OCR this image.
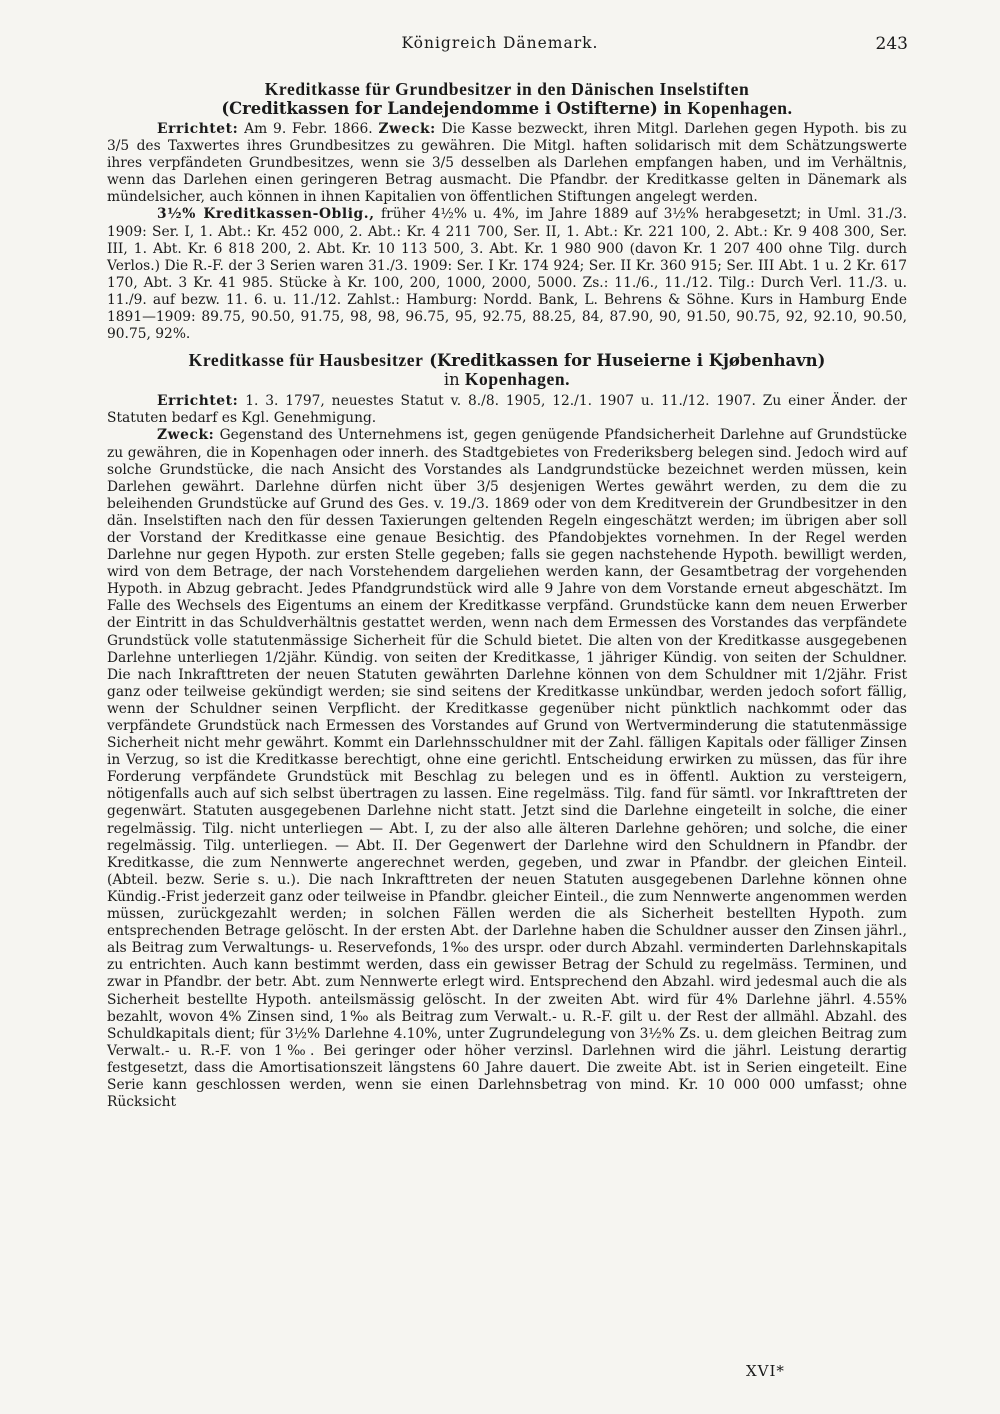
Königreich Dänemark.	243
Kreditkasse für Grundbesitzer in den Dänischen Inselstiften
(Creditkassen for Landejendomme i Ostifterne) in Kopenhagen.

Errichtet: Am 9. Febr. 1866. Zweck: Die Kasse bezweckt, ihren Mitgl. Darlehen gegen Hypoth. bis zu 3/5 des Taxwertes ihres Grundbesitzes zu gewähren. Die Mitgl. haften solidarisch mit dem Schätzungswerte ihres verpfändeten Grundbesitzes, wenn sie 3/5 desselben als Darlehen empfangen haben, und im Verhältnis, wenn das Darlehen einen geringeren Betrag ausmacht. Die Pfandbr. der Kreditkasse gelten in Dänemark als mündelsicher, auch können in ihnen Kapitalien von öffentlichen Stiftungen angelegt werden.

3½% Kreditkassen-Oblig., früher 4½% u. 4%, im Jahre 1889 auf 3½% herabgesetzt; in Uml. 31./3. 1909: Ser. I, 1. Abt.: Kr. 452 000, 2. Abt.: Kr. 4 211 700, Ser. II, 1. Abt.: Kr. 221 100, 2. Abt.: Kr. 9 408 300, Ser. III, 1. Abt. Kr. 6 818 200, 2. Abt. Kr. 10 113 500, 3. Abt. Kr. 1 980 900 (davon Kr. 1 207 400 ohne Tilg. durch Verlos.) Die R.-F. der 3 Serien waren 31./3. 1909: Ser. I Kr. 174 924; Ser. II Kr. 360 915; Ser. III Abt. 1 u. 2 Kr. 617 170, Abt. 3 Kr. 41 985. Stücke à Kr. 100, 200, 1000, 2000, 5000. Zs.: 11./6., 11./12. Tilg.: Durch Verl. 11./3. u. 11./9. auf bezw. 11. 6. u. 11./12. Zahlst.: Hamburg: Nordd. Bank, L. Behrens & Söhne. Kurs in Hamburg Ende 1891—1909: 89.75, 90.50, 91.75, 98, 98, 96.75, 95, 92.75, 88.25, 84, 87.90, 90, 91.50, 90.75, 92, 92.10, 90.50, 90.75, 92%.

Kreditkasse für Hausbesitzer (Kreditkassen for Huseierne i Kjøbenhavn)
in Kopenhagen.

Errichtet: 1. 3. 1797, neuestes Statut v. 8./8. 1905, 12./1. 1907 u. 11./12. 1907. Zu einer Änder. der Statuten bedarf es Kgl. Genehmigung.

Zweck: Gegenstand des Unternehmens ist, gegen genügende Pfandsicherheit Darlehne auf Grundstücke zu gewähren, die in Kopenhagen oder innerh. des Stadtgebietes von Frederiksberg belegen sind. Jedoch wird auf solche Grundstücke, die nach Ansicht des Vorstandes als Landgrundstücke bezeichnet werden müssen, kein Darlehen gewährt. Darlehne dürfen nicht über 3/5 desjenigen Wertes gewährt werden, zu dem die zu beleihenden Grundstücke auf Grund des Ges. v. 19./3. 1869 oder von dem Kreditverein der Grundbesitzer in den dän. Inselstiften nach den für dessen Taxierungen geltenden Regeln eingeschätzt werden; im übrigen aber soll der Vorstand der Kreditkasse eine genaue Besichtig. des Pfandobjektes vornehmen. In der Regel werden Darlehne nur gegen Hypoth. zur ersten Stelle gegeben; falls sie gegen nachstehende Hypoth. bewilligt werden, wird von dem Betrage, der nach Vorstehendem dargeliehen werden kann, der Gesamtbetrag der vorgehenden Hypoth. in Abzug gebracht. Jedes Pfandgrundstück wird alle 9 Jahre von dem Vorstande erneut abgeschätzt. Im Falle des Wechsels des Eigentums an einem der Kreditkasse verpfänd. Grundstücke kann dem neuen Erwerber der Eintritt in das Schuldverhältnis gestattet werden, wenn nach dem Ermessen des Vorstandes das verpfändete Grundstück volle statutenmässige Sicherheit für die Schuld bietet. Die alten von der Kreditkasse ausgegebenen Darlehne unterliegen 1/2jähr. Kündig. von seiten der Kreditkasse, 1 jähriger Kündig. von seiten der Schuldner. Die nach Inkrafttreten der neuen Statuten gewährten Darlehne können von dem Schuldner mit 1/2jähr. Frist ganz oder teilweise gekündigt werden; sie sind seitens der Kreditkasse unkündbar, werden jedoch sofort fällig, wenn der Schuldner seinen Verpflicht. der Kreditkasse gegenüber nicht pünktlich nachkommt oder das verpfändete Grundstück nach Ermessen des Vorstandes auf Grund von Wertverminderung die statutenmässige Sicherheit nicht mehr gewährt. Kommt ein Darlehnsschuldner mit der Zahl. fälligen Kapitals oder fälliger Zinsen in Verzug, so ist die Kreditkasse berechtigt, ohne eine gerichtl. Entscheidung erwirken zu müssen, das für ihre Forderung verpfändete Grundstück mit Beschlag zu belegen und es in öffentl. Auktion zu versteigern, nötigenfalls auch auf sich selbst übertragen zu lassen. Eine regelmäss. Tilg. fand für sämtl. vor Inkrafttreten der gegenwärt. Statuten ausgegebenen Darlehne nicht statt. Jetzt sind die Darlehne eingeteilt in solche, die einer regelmässig. Tilg. nicht unterliegen — Abt. I, zu der also alle älteren Darlehne gehören; und solche, die einer regelmässig. Tilg. unterliegen. — Abt. II. Der Gegenwert der Darlehne wird den Schuldnern in Pfandbr. der Kreditkasse, die zum Nennwerte angerechnet werden, gegeben, und zwar in Pfandbr. der gleichen Einteil. (Abteil. bezw. Serie s. u.). Die nach Inkrafttreten der neuen Statuten ausgegebenen Darlehne können ohne Kündig.-Frist jederzeit ganz oder teilweise in Pfandbr. gleicher Einteil., die zum Nennwerte angenommen werden müssen, zurückgezahlt werden; in solchen Fällen werden die als Sicherheit bestellten Hypoth. zum entsprechenden Betrage gelöscht. In der ersten Abt. der Darlehne haben die Schuldner ausser den Zinsen jährl., als Beitrag zum Verwaltungs- u. Reservefonds, 1‰ des urspr. oder durch Abzahl. verminderten Darlehnskapitals zu entrichten. Auch kann bestimmt werden, dass ein gewisser Betrag der Schuld zu regelmäss. Terminen, und zwar in Pfandbr. der betr. Abt. zum Nennwerte erlegt wird. Entsprechend den Abzahl. wird jedesmal auch die als Sicherheit bestellte Hypoth. anteilsmässig gelöscht. In der zweiten Abt. wird für 4% Darlehne jährl. 4.55% bezahlt, wovon 4% Zinsen sind, 1‰ als Beitrag zum Verwalt.- u. R.-F. gilt u. der Rest der allmähl. Abzahl. des Schuldkapitals dient; für 3½% Darlehne 4.10%, unter Zugrundelegung von 3½% Zs. u. dem gleichen Beitrag zum Verwalt.- u. R.-F. von 1‰. Bei geringer oder höher verzinsl. Darlehnen wird die jährl. Leistung derartig festgesetzt, dass die Amortisationszeit längstens 60 Jahre dauert. Die zweite Abt. ist in Serien eingeteilt. Eine Serie kann geschlossen werden, wenn sie einen Darlehnsbetrag von mind. Kr. 10 000 000 umfasst; ohne Rücksicht

XVI*
